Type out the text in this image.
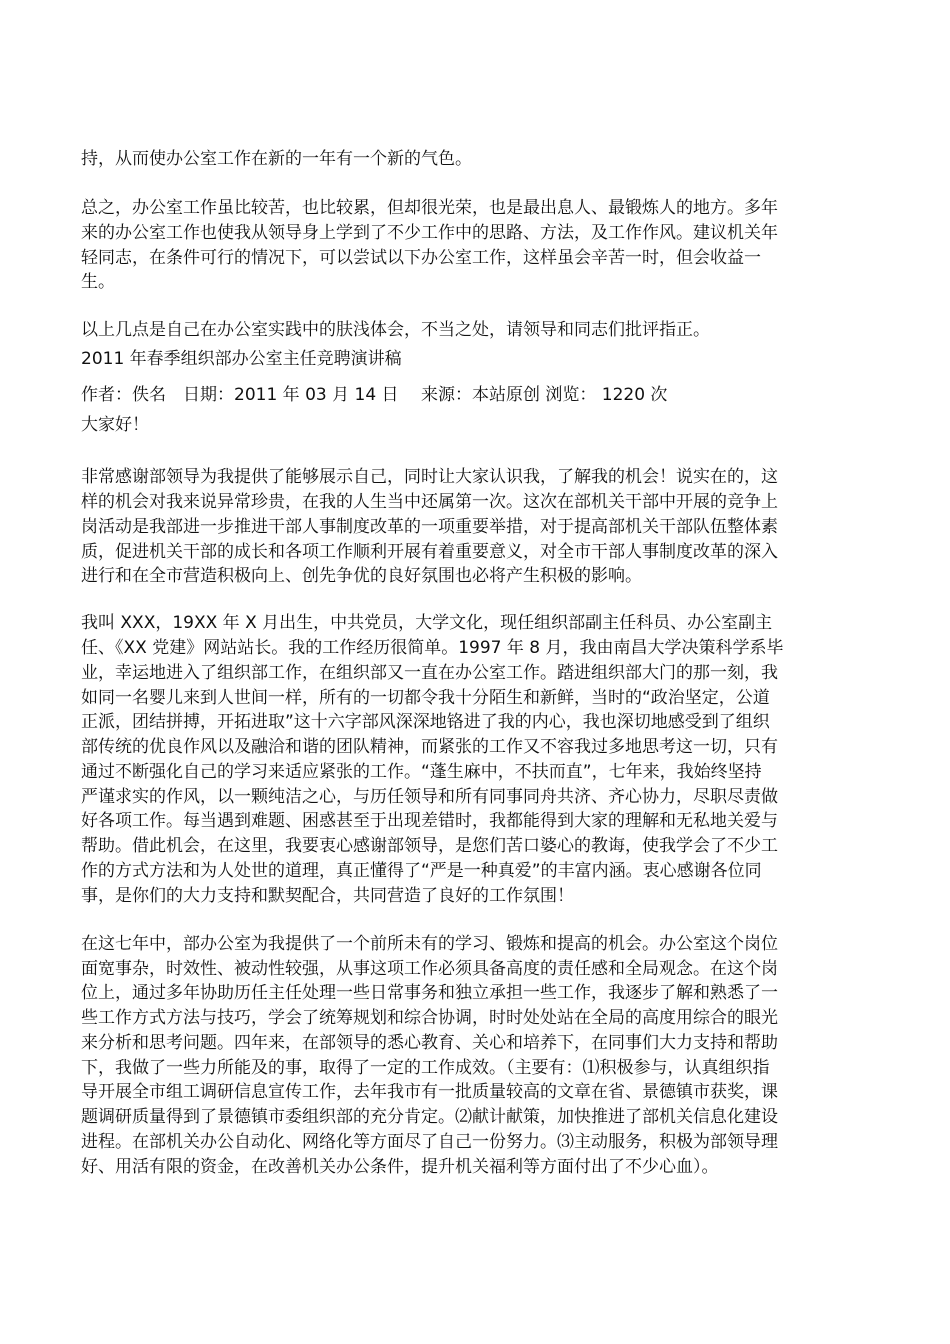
持，从而使办公室工作在新的一年有一个新的气色。

总之，办公室工作虽比较苦，也比较累，但却很光荣，也是最出息人、最锻炼人的地方。多年

来的办公室工作也使我从领导身上学到了不少工作中的思路、方法，及工作作风。建议机关年

轻同志，在条件可行的情况下，可以尝试以下办公室工作，这样虽会辛苦一时，但会收益一

生。

以上几点是自己在办公室实践中的肤浅体会，不当之处，请领导和同志们批评指正。

2011 年春季组织部办公室主任竞聘演讲稿

作者：佚名　日期：2011 年 03 月 14 日　 来源：本站原创 浏览： 1220 次

大家好！

非常感谢部领导为我提供了能够展示自己，同时让大家认识我，了解我的机会！说实在的，这

样的机会对我来说异常珍贵，在我的人生当中还属第一次。这次在部机关干部中开展的竞争上

岗活动是我部进一步推进干部人事制度改革的一项重要举措，对于提高部机关干部队伍整体素

质，促进机关干部的成长和各项工作顺利开展有着重要意义，对全市干部人事制度改革的深入

进行和在全市营造积极向上、创先争优的良好氛围也必将产生积极的影响。

我叫 XXX，19XX 年 X 月出生，中共党员，大学文化，现任组织部副主任科员、办公室副主

任、《XX 党建》网站站长。我的工作经历很简单。1997 年 8 月，我由南昌大学决策科学系毕

业，幸运地进入了组织部工作，在组织部又一直在办公室工作。踏进组织部大门的那一刻，我

如同一名婴儿来到人世间一样，所有的一切都令我十分陌生和新鲜，当时的“政治坚定，公道

正派，团结拼搏，开拓进取”这十六字部风深深地铬进了我的内心，我也深切地感受到了组织

部传统的优良作风以及融洽和谐的团队精神，而紧张的工作又不容我过多地思考这一切，只有

通过不断强化自己的学习来适应紧张的工作。“蓬生麻中，不扶而直”，七年来，我始终坚持

严谨求实的作风，以一颗纯洁之心，与历任领导和所有同事同舟共济、齐心协力，尽职尽责做

好各项工作。每当遇到难题、困惑甚至于出现差错时，我都能得到大家的理解和无私地关爱与

帮助。借此机会，在这里，我要衷心感谢部领导，是您们苦口婆心的教诲，使我学会了不少工

作的方式方法和为人处世的道理，真正懂得了“严是一种真爱”的丰富内涵。衷心感谢各位同

事，是你们的大力支持和默契配合，共同营造了良好的工作氛围！

在这七年中，部办公室为我提供了一个前所未有的学习、锻炼和提高的机会。办公室这个岗位

面宽事杂，时效性、被动性较强，从事这项工作必须具备高度的责任感和全局观念。在这个岗

位上，通过多年协助历任主任处理一些日常事务和独立承担一些工作，我逐步了解和熟悉了一

些工作方式方法与技巧，学会了统筹规划和综合协调，时时处处站在全局的高度用综合的眼光

来分析和思考问题。四年来，在部领导的悉心教育、关心和培养下，在同事们大力支持和帮助

下，我做了一些力所能及的事，取得了一定的工作成效。（主要有：⑴积极参与，认真组织指

导开展全市组工调研信息宣传工作，去年我市有一批质量较高的文章在省、景德镇市获奖，课

题调研质量得到了景德镇市委组织部的充分肯定。⑵献计献策，加快推进了部机关信息化建设

进程。在部机关办公自动化、网络化等方面尽了自己一份努力。⑶主动服务，积极为部领导理

好、用活有限的资金，在改善机关办公条件，提升机关福利等方面付出了不少心血）。
